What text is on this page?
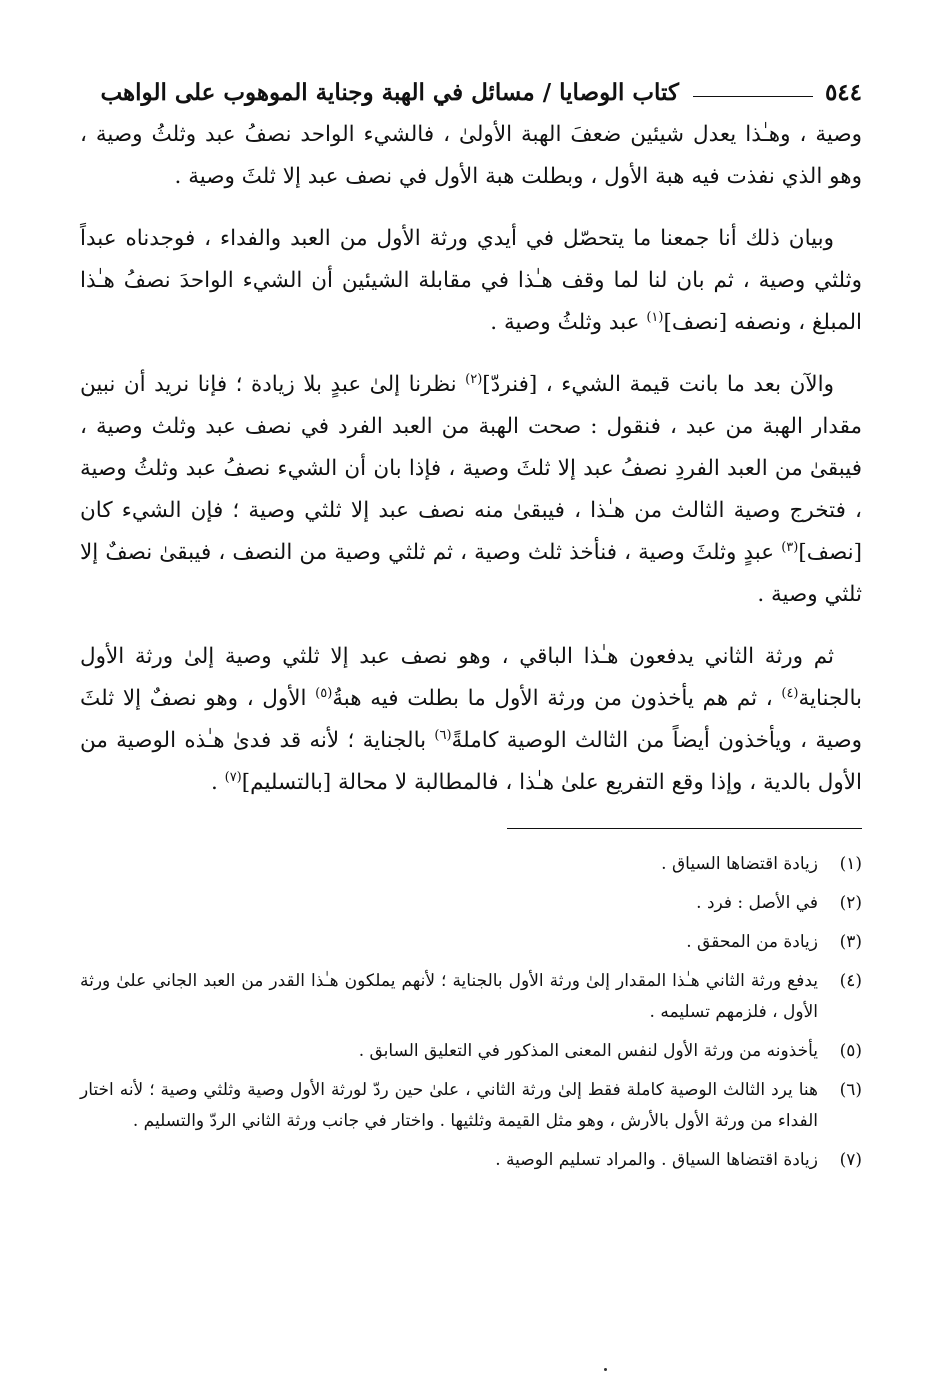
٥٤٤
كتاب الوصايا / مسائل في الهبة وجناية الموهوب على الواهب

وصية ، وهـٰذا يعدل شيئين ضعفَ الهبة الأولىٰ ، فالشيء الواحد نصفُ عبد وثلثُ وصية ، وهو الذي نفذت فيه هبة الأول ، وبطلت هبة الأول في نصف عبد إلا ثلثَ وصية .

وبيان ذلك أنا جمعنا ما يتحصّل في أيدي ورثة الأول من العبد والفداء ، فوجدناه عبداً وثلثي وصية ، ثم بان لنا لما وقف هـٰذا في مقابلة الشيئين أن الشيء الواحدَ نصفُ هـٰذا المبلغ ، ونصفه [نصف]$^{(١)}$ عبد وثلثُ وصية .

والآن بعد ما بانت قيمة الشيء ، [فنردّ]$^{(٢)}$ نظرنا إلىٰ عبدٍ بلا زيادة ؛ فإنا نريد أن نبين مقدار الهبة من عبد ، فنقول : صحت الهبة من العبد الفرد في نصف عبد وثلث وصية ، فيبقىٰ من العبد الفردِ نصفُ عبد إلا ثلثَ وصية ، فإذا بان أن الشيء نصفُ عبد وثلثُ وصية ، فتخرج وصية الثالث من هـٰذا ، فيبقىٰ منه نصف عبد إلا ثلثي وصية ؛ فإن الشيء كان [نصف]$^{(٣)}$ عبدٍ وثلثَ وصية ، فنأخذ ثلث وصية ، ثم ثلثي وصية من النصف ، فيبقىٰ نصفٌ إلا ثلثي وصية .

ثم ورثة الثاني يدفعون هـٰذا الباقي ، وهو نصف عبد إلا ثلثي وصية إلىٰ ورثة الأول بالجناية$^{(٤)}$ ، ثم هم يأخذون من ورثة الأول ما بطلت فيه هبةُ$^{(٥)}$ الأول ، وهو نصفٌ إلا ثلثَ وصية ، ويأخذون أيضاً من الثالث الوصية كاملةً$^{(٦)}$ بالجناية ؛ لأنه قد فدىٰ هـٰذه الوصية من الأول بالدية ، وإذا وقع التفريع علىٰ هـٰذا ، فالمطالبة لا محالة [بالتسليم]$^{(٧)}$ .

(١)
زيادة اقتضاها السياق .
(٢)
في الأصل : فرد .
(٣)
زيادة من المحقق .
(٤)
يدفع ورثة الثاني هـٰذا المقدار إلىٰ ورثة الأول بالجناية ؛ لأنهم يملكون هـٰذا القدر من العبد الجاني علىٰ ورثة الأول ، فلزمهم تسليمه .
(٥)
يأخذونه من ورثة الأول لنفس المعنى المذكور في التعليق السابق .
(٦)
هنا يرد الثالث الوصية كاملة فقط إلىٰ ورثة الثاني ، علىٰ حين ردّ لورثة الأول وصية وثلثي وصية ؛ لأنه اختار الفداء من ورثة الأول بالأرش ، وهو مثل القيمة وثلثيها . واختار في جانب ورثة الثاني الردّ والتسليم .
(٧)
زيادة اقتضاها السياق . والمراد تسليم الوصية .
